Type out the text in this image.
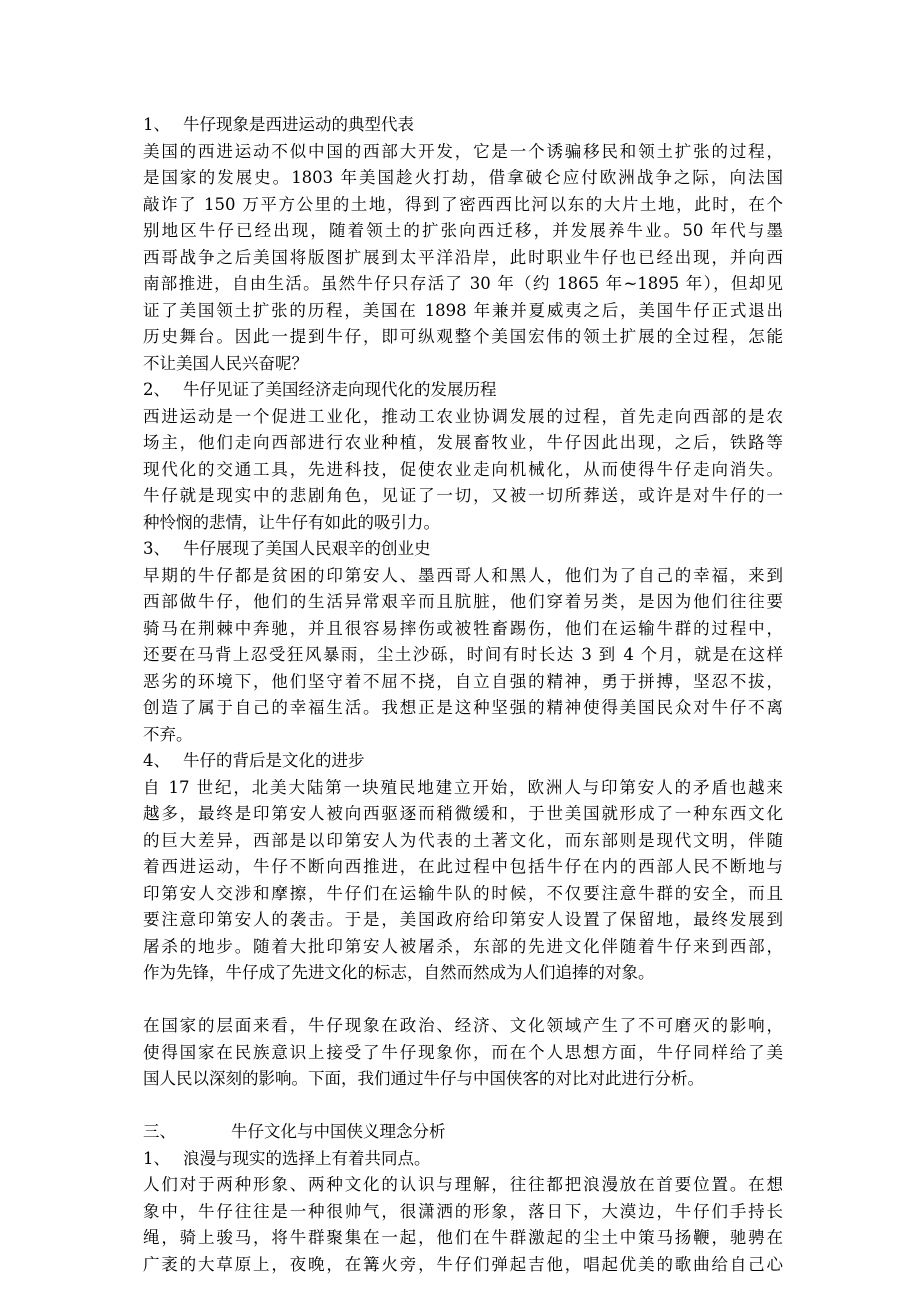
1、 牛仔现象是西进运动的典型代表
美国的西进运动不似中国的西部大开发，它是一个诱骗移民和领土扩张的过程，
是国家的发展史。1803 年美国趁火打劫，借拿破仑应付欧洲战争之际，向法国
敲诈了 150 万平方公里的土地，得到了密西西比河以东的大片土地，此时，在个
别地区牛仔已经出现，随着领土的扩张向西迁移，并发展养牛业。50 年代与墨
西哥战争之后美国将版图扩展到太平洋沿岸，此时职业牛仔也已经出现，并向西
南部推进，自由生活。虽然牛仔只存活了 30 年（约 1865 年~1895 年），但却见
证了美国领土扩张的历程，美国在 1898 年兼并夏威夷之后，美国牛仔正式退出
历史舞台。因此一提到牛仔，即可纵观整个美国宏伟的领土扩展的全过程，怎能
不让美国人民兴奋呢？
2、 牛仔见证了美国经济走向现代化的发展历程
西进运动是一个促进工业化，推动工农业协调发展的过程，首先走向西部的是农
场主，他们走向西部进行农业种植，发展畜牧业，牛仔因此出现，之后，铁路等
现代化的交通工具，先进科技，促使农业走向机械化，从而使得牛仔走向消失。
牛仔就是现实中的悲剧角色，见证了一切，又被一切所葬送，或许是对牛仔的一
种怜悯的悲情，让牛仔有如此的吸引力。
3、 牛仔展现了美国人民艰辛的创业史
早期的牛仔都是贫困的印第安人、墨西哥人和黑人，他们为了自己的幸福，来到
西部做牛仔，他们的生活异常艰辛而且肮脏，他们穿着另类，是因为他们往往要
骑马在荆棘中奔驰，并且很容易摔伤或被牲畜踢伤，他们在运输牛群的过程中，
还要在马背上忍受狂风暴雨，尘土沙砾，时间有时长达 3 到 4 个月，就是在这样
恶劣的环境下，他们坚守着不屈不挠，自立自强的精神，勇于拼搏，坚忍不拔，
创造了属于自己的幸福生活。我想正是这种坚强的精神使得美国民众对牛仔不离
不弃。
4、 牛仔的背后是文化的进步
自 17 世纪，北美大陆第一块殖民地建立开始，欧洲人与印第安人的矛盾也越来
越多，最终是印第安人被向西驱逐而稍微缓和，于世美国就形成了一种东西文化
的巨大差异，西部是以印第安人为代表的土著文化，而东部则是现代文明，伴随
着西进运动，牛仔不断向西推进，在此过程中包括牛仔在内的西部人民不断地与
印第安人交涉和摩擦，牛仔们在运输牛队的时候，不仅要注意牛群的安全，而且
要注意印第安人的袭击。于是，美国政府给印第安人设置了保留地，最终发展到
屠杀的地步。随着大批印第安人被屠杀，东部的先进文化伴随着牛仔来到西部，
作为先锋，牛仔成了先进文化的标志，自然而然成为人们追捧的对象。
在国家的层面来看，牛仔现象在政治、经济、文化领域产生了不可磨灭的影响，
使得国家在民族意识上接受了牛仔现象你，而在个人思想方面，牛仔同样给了美
国人民以深刻的影响。下面，我们通过牛仔与中国侠客的对比对此进行分析。
三、	牛仔文化与中国侠义理念分析
1、 浪漫与现实的选择上有着共同点。
人们对于两种形象、两种文化的认识与理解，往往都把浪漫放在首要位置。在想
象中，牛仔往往是一种很帅气，很潇洒的形象，落日下，大漠边，牛仔们手持长
绳，骑上骏马，将牛群聚集在一起，他们在牛群激起的尘土中策马扬鞭，驰骋在
广袤的大草原上，夜晚，在篝火旁，牛仔们弹起吉他，唱起优美的歌曲给自己心
